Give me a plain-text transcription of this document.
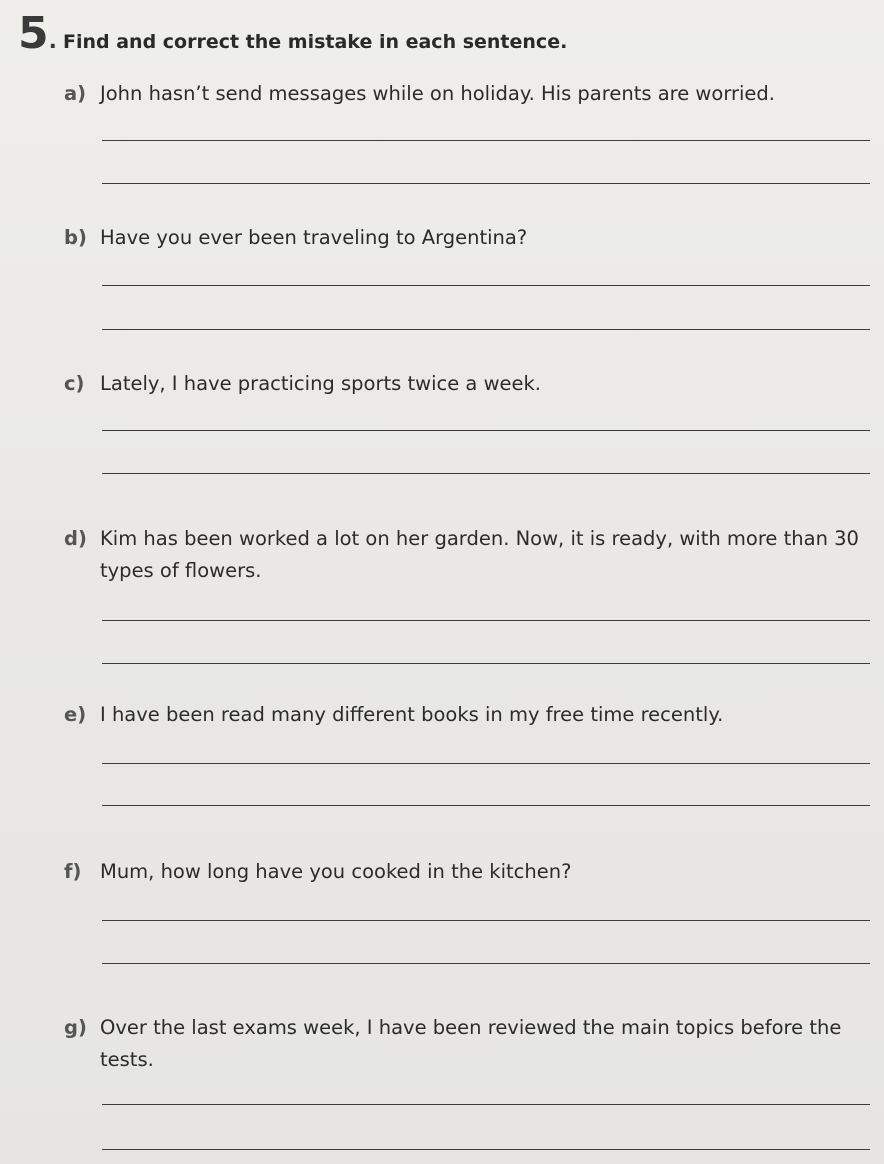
5 . Find and correct the mistake in each sentence.
a) John hasn’t send messages while on holiday. His parents are worried.
b) Have you ever been traveling to Argentina?
c) Lately, I have practicing sports twice a week.
d) Kim has been worked a lot on her garden. Now, it is ready, with more than 30 types of flowers.
e) I have been read many different books in my free time recently.
f) Mum, how long have you cooked in the kitchen?
g) Over the last exams week, I have been reviewed the main topics before the tests.
